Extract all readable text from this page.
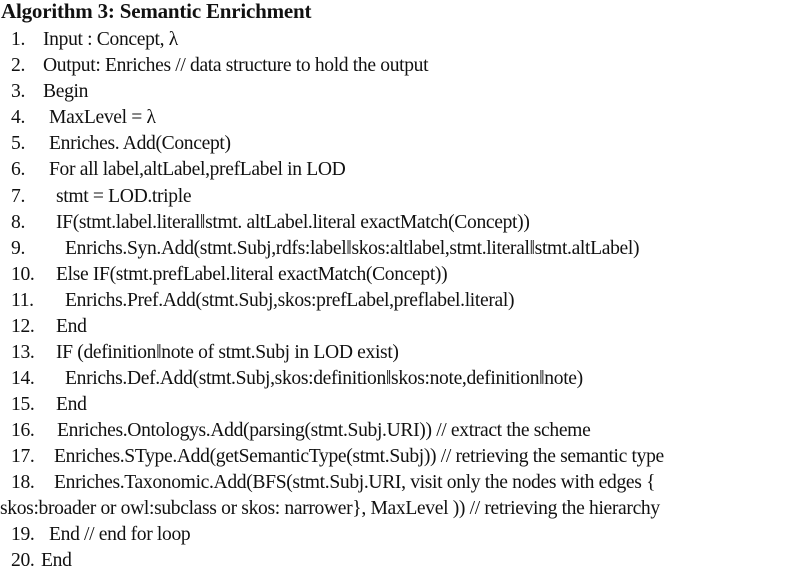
Algorithm 3: Semantic Enrichment
1. Input : Concept, λ
2. Output: Enriches // data structure to hold the output
3. Begin
4. MaxLevel = λ
5. Enriches. Add(Concept)
6. For all label,altLabel,prefLabel in LOD
7. stmt = LOD.triple
8. IF(stmt.label.literal‖stmt. altLabel.literal exactMatch(Concept))
9. Enrichs.Syn.Add(stmt.Subj,rdfs:label‖skos:altlabel,stmt.literal‖stmt.altLabel)
10. Else IF(stmt.prefLabel.literal exactMatch(Concept))
11. Enrichs.Pref.Add(stmt.Subj,skos:prefLabel,preflabel.literal)
12. End
13. IF (definition‖note of stmt.Subj in LOD exist)
14. Enrichs.Def.Add(stmt.Subj,skos:definition‖skos:note,definition‖note)
15. End
16. Enriches.Ontologys.Add(parsing(stmt.Subj.URI)) // extract the scheme
17. Enriches.SType.Add(getSemanticType(stmt.Subj)) // retrieving the semantic type
18. Enriches.Taxonomic.Add(BFS(stmt.Subj.URI, visit only the nodes with edges {
skos:broader or owl:subclass or skos: narrower}, MaxLevel )) // retrieving the hierarchy
19. End // end for loop
20. End
